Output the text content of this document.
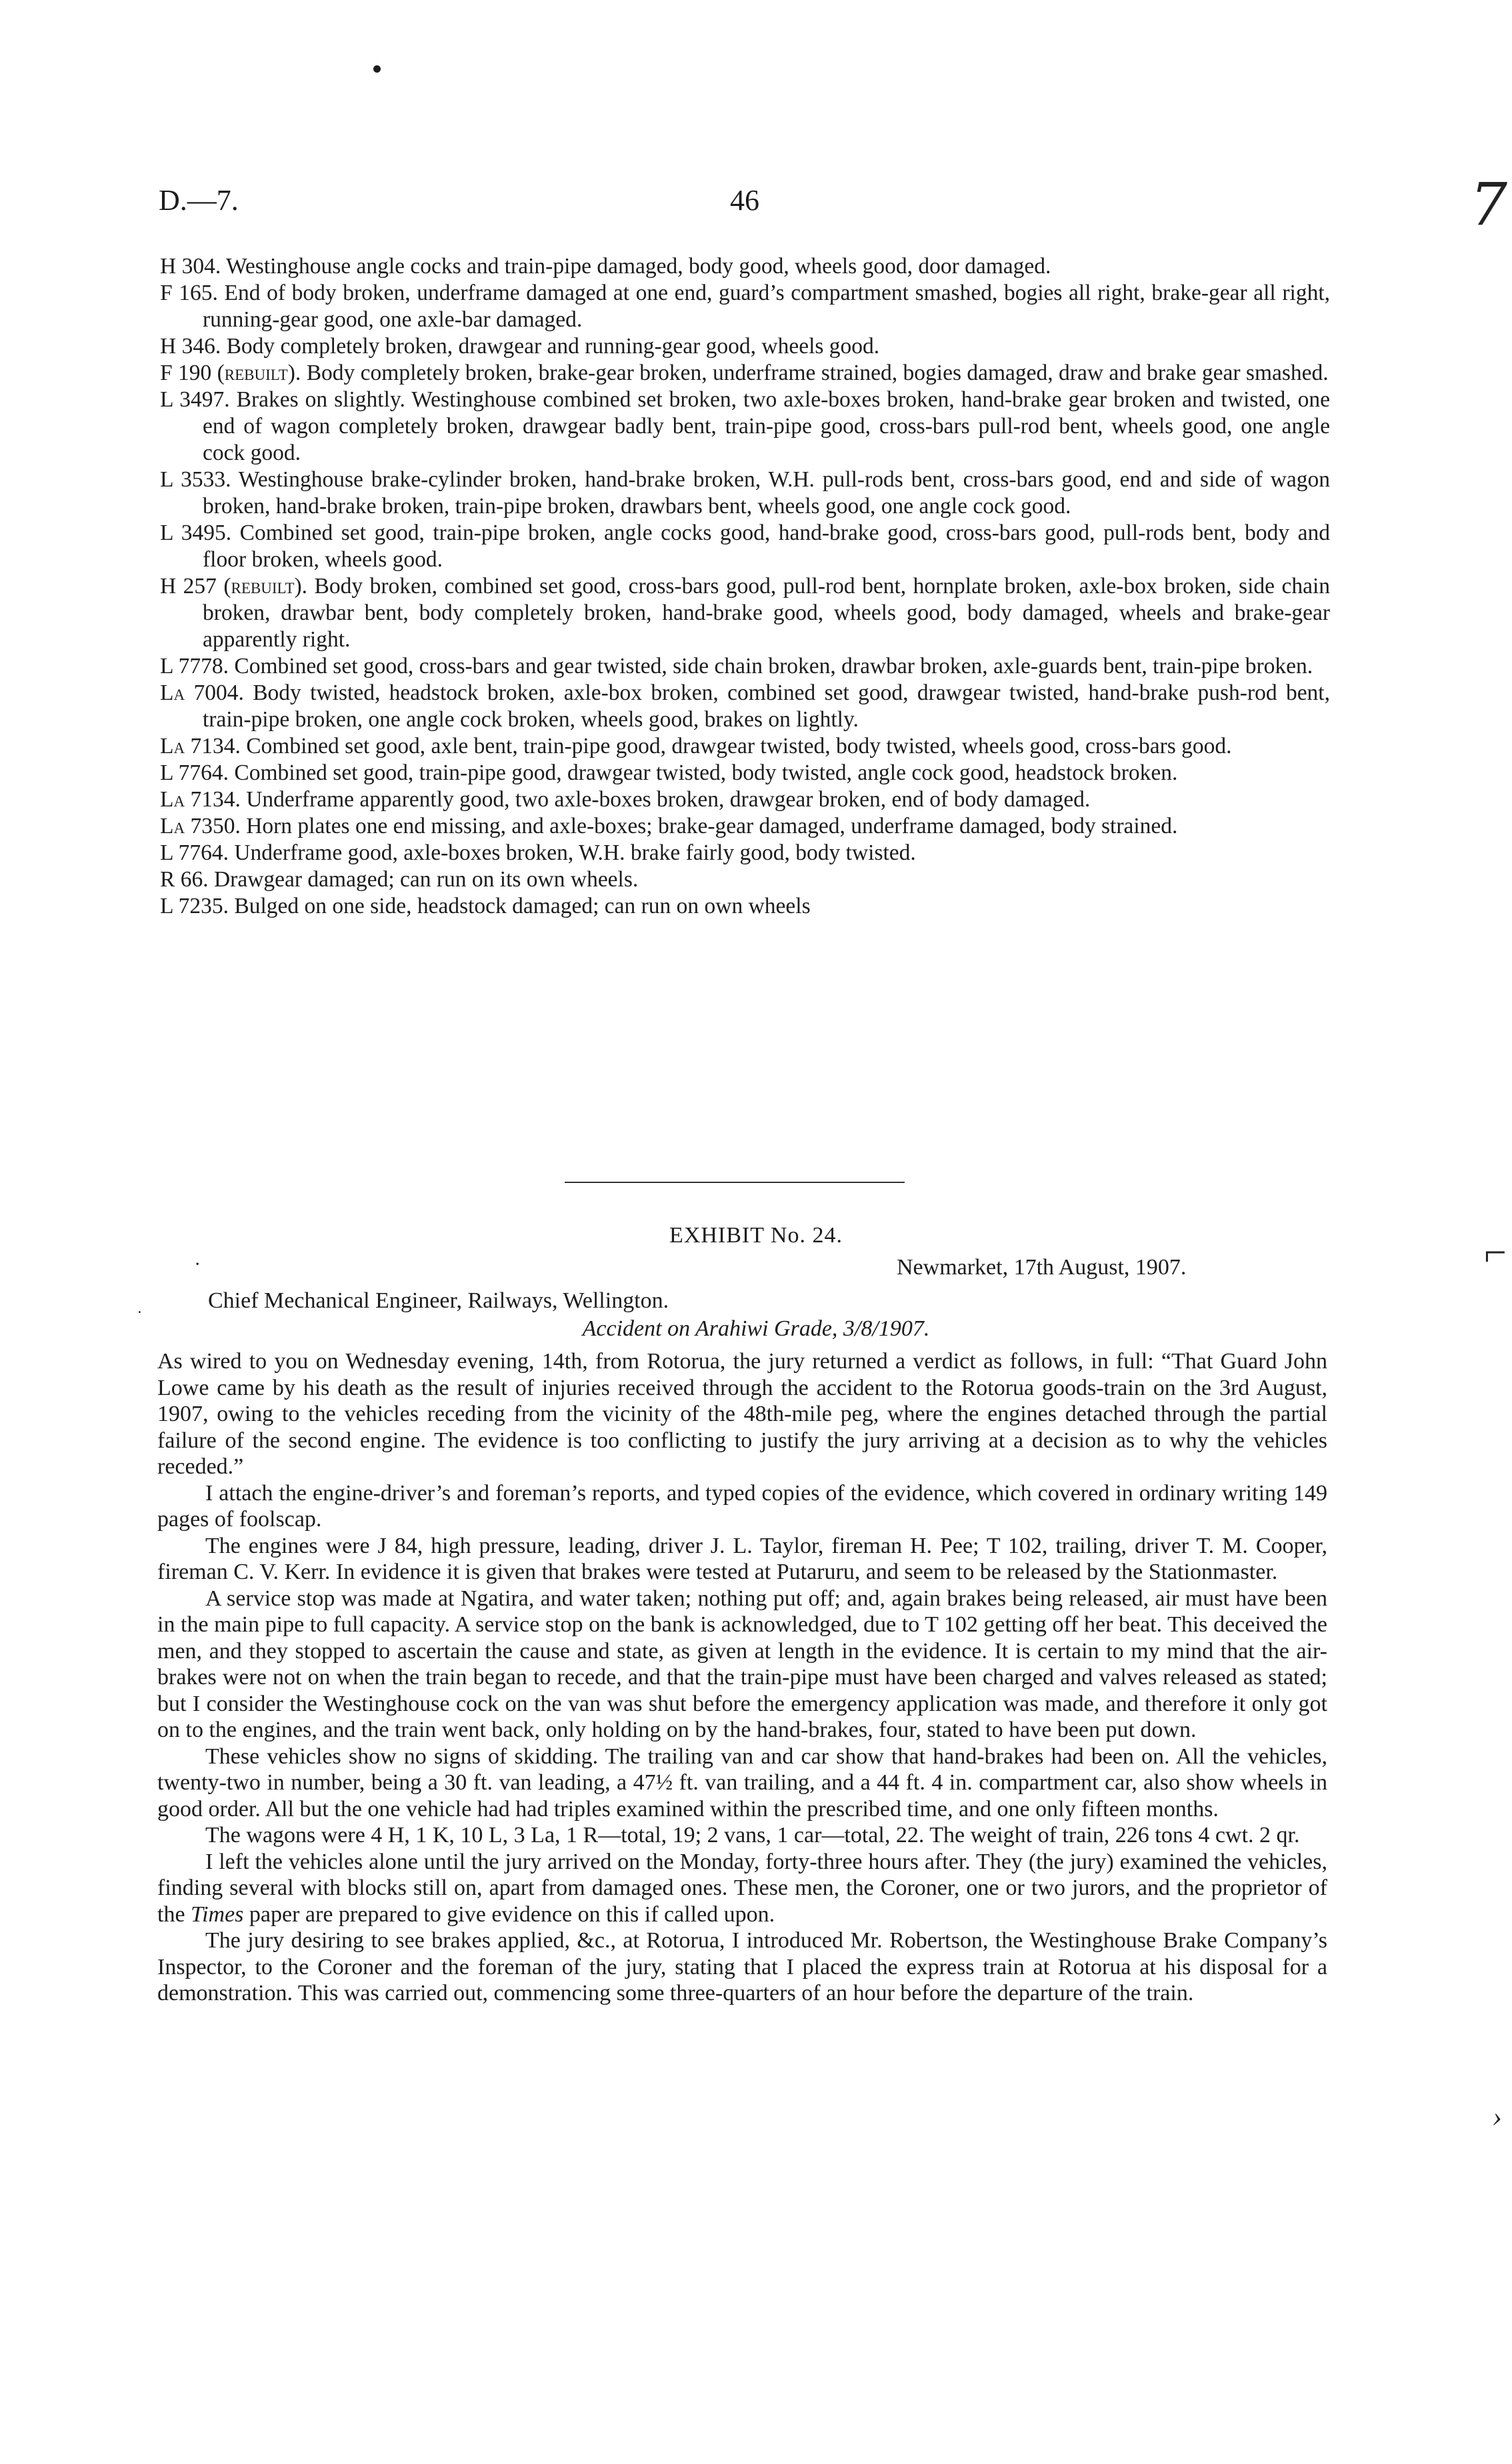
D.—7.	46	7
⌐
›
·
.

H 304. Westinghouse angle cocks and train-pipe damaged, body good, wheels good, door damaged.

F 165. End of body broken, underframe damaged at one end, guard’s compartment smashed, bogies all right, brake-gear all right, running-gear good, one axle-bar damaged.

H 346. Body completely broken, drawgear and running-gear good, wheels good.

F 190 (rebuilt). Body completely broken, brake-gear broken, underframe strained, bogies damaged, draw and brake gear smashed.

L 3497. Brakes on slightly. Westinghouse combined set broken, two axle-boxes broken, hand-brake gear broken and twisted, one end of wagon completely broken, drawgear badly bent, train-pipe good, cross-bars pull-rod bent, wheels good, one angle cock good.

L 3533. Westinghouse brake-cylinder broken, hand-brake broken, W.H. pull-rods bent, cross-bars good, end and side of wagon broken, hand-brake broken, train-pipe broken, drawbars bent, wheels good, one angle cock good.

L 3495. Combined set good, train-pipe broken, angle cocks good, hand-brake good, cross-bars good, pull-rods bent, body and floor broken, wheels good.

H 257 (rebuilt). Body broken, combined set good, cross-bars good, pull-rod bent, hornplate broken, axle-box broken, side chain broken, drawbar bent, body completely broken, hand-brake good, wheels good, body damaged, wheels and brake-gear apparently right.

L 7778. Combined set good, cross-bars and gear twisted, side chain broken, drawbar broken, axle-guards bent, train-pipe broken.

La 7004. Body twisted, headstock broken, axle-box broken, combined set good, drawgear twisted, hand-brake push-rod bent, train-pipe broken, one angle cock broken, wheels good, brakes on lightly.

La 7134. Combined set good, axle bent, train-pipe good, drawgear twisted, body twisted, wheels good, cross-bars good.

L 7764. Combined set good, train-pipe good, drawgear twisted, body twisted, angle cock good, headstock broken.

La 7134. Underframe apparently good, two axle-boxes broken, drawgear broken, end of body damaged.

La 7350. Horn plates one end missing, and axle-boxes; brake-gear damaged, underframe damaged, body strained.

L 7764. Underframe good, axle-boxes broken, W.H. brake fairly good, body twisted.

R 66. Drawgear damaged; can run on its own wheels.

L 7235. Bulged on one side, headstock damaged; can run on own wheels

EXHIBIT No. 24.
Newmarket, 17th August, 1907.
Chief Mechanical Engineer, Railways, Wellington.
Accident on Arahiwi Grade, 3/8/1907.

As wired to you on Wednesday evening, 14th, from Rotorua, the jury returned a verdict as follows, in full: “That Guard John Lowe came by his death as the result of injuries received through the accident to the Rotorua goods-train on the 3rd August, 1907, owing to the vehicles receding from the vicinity of the 48th-mile peg, where the engines detached through the partial failure of the second engine. The evidence is too conflicting to justify the jury arriving at a decision as to why the vehicles receded.”

I attach the engine-driver’s and foreman’s reports, and typed copies of the evidence, which covered in ordinary writing 149 pages of foolscap.

The engines were J 84, high pressure, leading, driver J. L. Taylor, fireman H. Pee; T 102, trailing, driver T. M. Cooper, fireman C. V. Kerr. In evidence it is given that brakes were tested at Putaruru, and seem to be released by the Stationmaster.

A service stop was made at Ngatira, and water taken; nothing put off; and, again brakes being released, air must have been in the main pipe to full capacity. A service stop on the bank is acknowledged, due to T 102 getting off her beat. This deceived the men, and they stopped to ascertain the cause and state, as given at length in the evidence. It is certain to my mind that the air-brakes were not on when the train began to recede, and that the train-pipe must have been charged and valves released as stated; but I consider the Westinghouse cock on the van was shut before the emergency application was made, and therefore it only got on to the engines, and the train went back, only holding on by the hand-brakes, four, stated to have been put down.

These vehicles show no signs of skidding. The trailing van and car show that hand-brakes had been on. All the vehicles, twenty-two in number, being a 30 ft. van leading, a 47½ ft. van trailing, and a 44 ft. 4 in. compartment car, also show wheels in good order. All but the one vehicle had had triples examined within the prescribed time, and one only fifteen months.

The wagons were 4 H, 1 K, 10 L, 3 La, 1 R—total, 19; 2 vans, 1 car—total, 22. The weight of train, 226 tons 4 cwt. 2 qr.

I left the vehicles alone until the jury arrived on the Monday, forty-three hours after. They (the jury) examined the vehicles, finding several with blocks still on, apart from damaged ones. These men, the Coroner, one or two jurors, and the proprietor of the Times paper are prepared to give evidence on this if called upon.

The jury desiring to see brakes applied, &c., at Rotorua, I introduced Mr. Robertson, the Westinghouse Brake Company’s Inspector, to the Coroner and the foreman of the jury, stating that I placed the express train at Rotorua at his disposal for a demonstration. This was carried out, commencing some three-quarters of an hour before the departure of the train.
